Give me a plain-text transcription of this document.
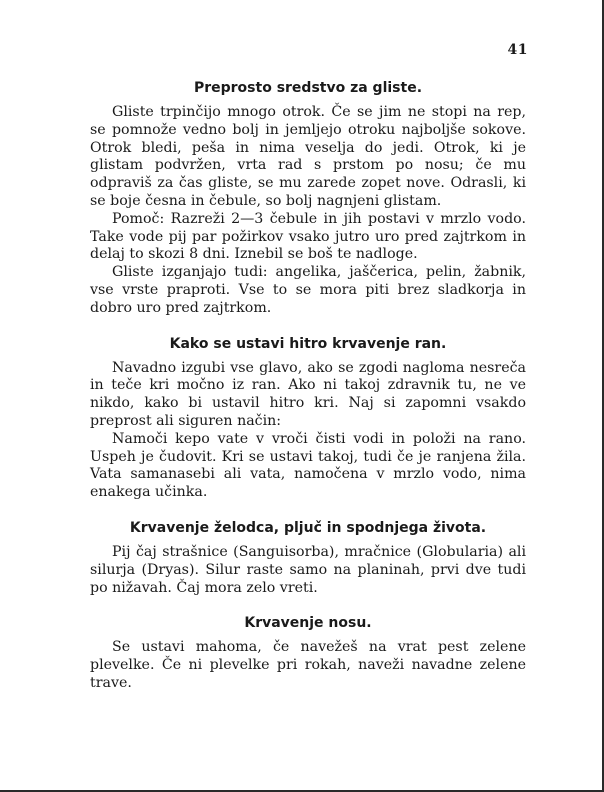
41
Preprosto sredstvo za gliste.

Gliste trpinčijo mnogo otrok. Če se jim ne stopi na rep, se pomnože vedno bolj in jemljejo otroku najboljše sokove. Otrok bledi, peša in nima veselja do jedi. Otrok, ki je glistam podvržen, vrta rad s prstom po nosu; če mu odpraviš za čas gliste, se mu zarede zopet nove. Odrasli, ki se boje česna in čebule, so bolj nagnjeni glistam.

Pomoč: Razreži 2—3 čebule in jih postavi v mrzlo vodo. Take vode pij par požirkov vsako jutro uro pred zajtrkom in delaj to skozi 8 dni. Iznebil se boš te nadloge.

Gliste izganjajo tudi: angelika, jaščerica, pelin, žabnik, vse vrste praproti. Vse to se mora piti brez sladkorja in dobro uro pred zajtrkom.

Kako se ustavi hitro krvavenje ran.

Navadno izgubi vse glavo, ako se zgodi nagloma nesreča in teče kri močno iz ran. Ako ni takoj zdravnik tu, ne ve nikdo, kako bi ustavil hitro kri. Naj si zapomni vsakdo preprost ali siguren način:

Namoči kepo vate v vroči čisti vodi in položi na rano. Uspeh je čudovit. Kri se ustavi takoj, tudi če je ranjena žila. Vata samanasebi ali vata, namočena v mrzlo vodo, nima enakega učinka.

Krvavenje želodca, pljuč in spodnjega života.

Pij čaj strašnice (Sanguisorba), mračnice (Globularia) ali silurja (Dryas). Silur raste samo na planinah, prvi dve tudi po nižavah. Čaj mora zelo vreti.

Krvavenje nosu.

Se ustavi mahoma, če navežeš na vrat pest zelene plevelke. Če ni plevelke pri rokah, naveži navadne zelene trave.
